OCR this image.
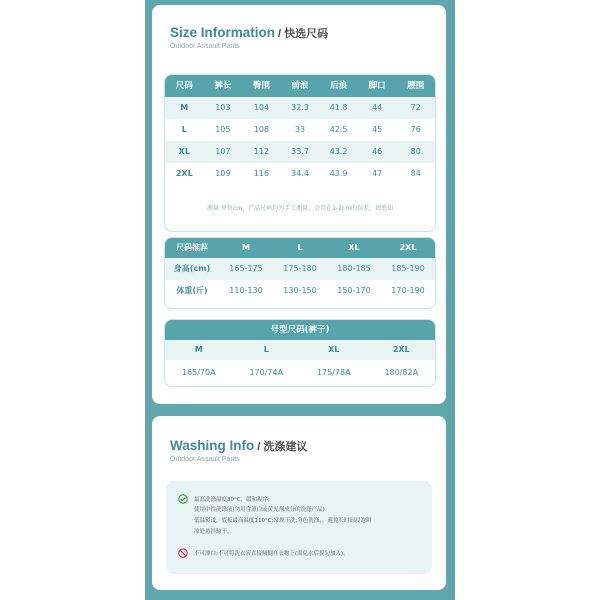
Size Information / 快选尺码
Outdoor Assault Pants
尺码	裤长	臀围	前浪	后浪	脚口	腰围
M	103	104	32.3	41.8	44	72
L	105	108	33	42.5	45	76
XL	107	112	33.7	43.2	46	80
2XL	109	116	34.4	43.9	47	84
测量:单位cm，产品尺码均为手工测量，会存在1-2cm的误差，请悉知
尺码推荐	M	L	XL	2XL
身高(cm)	165-175	175-180	180-185	185-190
体重(斤)	110-130	130-150	150-170	170-190
号型尺码(裤子)
M	L	XL	2XL
165/70A	170/74A	175/78A	180/82A
Washing Info / 洗涤建议
Outdoor Assault Pants
最高洗涤温度30°C，缓和程序;
使用中性洗涤液(勿用含漂白或荧光剂成分的洗涤产品)
低温熨烫，底板最高温度110°C;常规干洗;分色洗涤，，避免长时间浸泡阴
凉处悬挂晾干。
不可漂白;不可将洗衣液直接倾倒在衣物上(需兑水后搅匀加入)。
